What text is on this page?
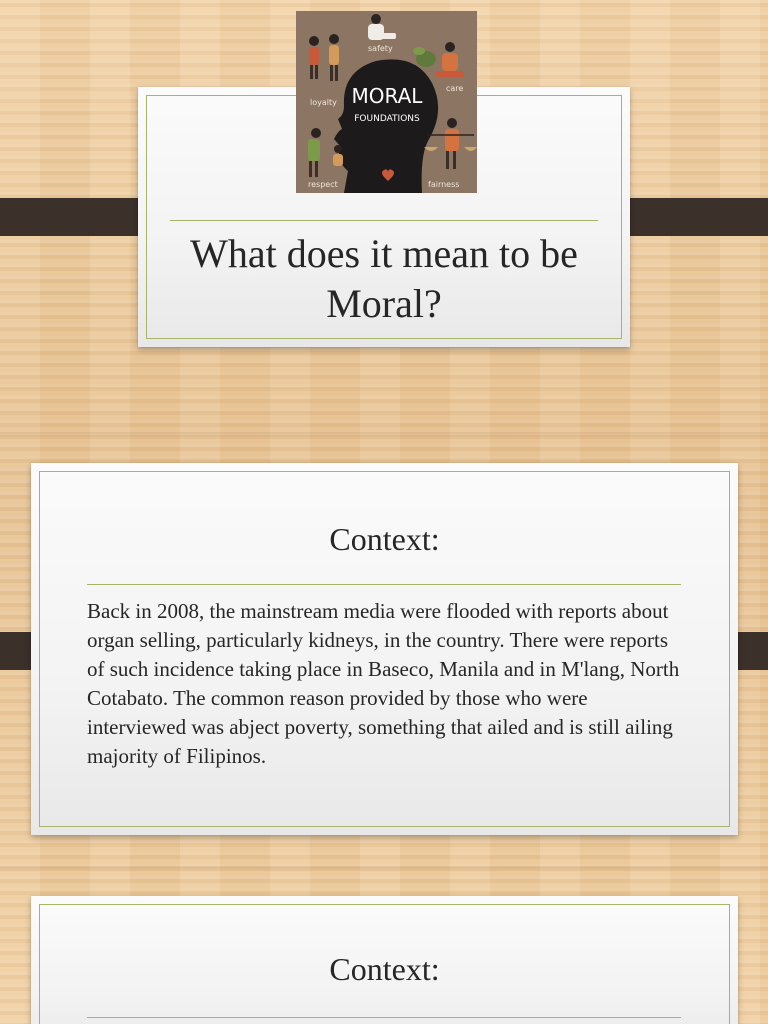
What does it mean to be Moral?
MORAL
FOUNDATIONS
safety
loyalty
care
respect	fairness
Context:
Back in 2008, the mainstream media were flooded with reports about organ selling, particularly kidneys, in the country. There were reports of such incidence taking place in Baseco, Manila and in M'lang, North Cotabato. The common reason provided by those who were interviewed was abject poverty, something that ailed and is still ailing majority of Filipinos.
Context:
